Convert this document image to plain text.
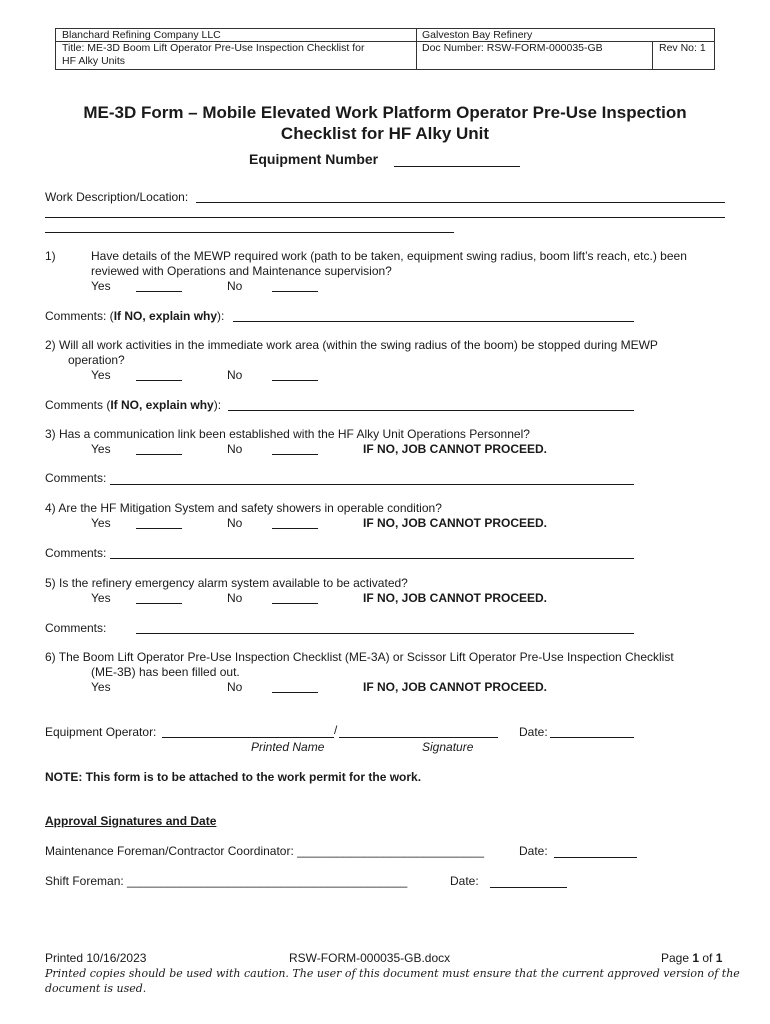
Blanchard Refining Company LLC
Title: ME-3D Boom Lift Operator Pre-Use Inspection Checklist for
HF Alky Units
Galveston Bay Refinery
Doc Number: RSW-FORM-000035-GB	Rev No: 1
ME-3D Form – Mobile Elevated Work Platform Operator Pre-Use Inspection
Checklist for HF Alky Unit
Equipment Number
Work Description/Location:
1)	Have details of the MEWP required work (path to be taken, equipment swing radius, boom lift’s reach, etc.) been
reviewed with Operations and Maintenance supervision?
Yes	No
Comments: (If NO, explain why):
2) Will all work activities in the immediate work area (within the swing radius of the boom) be stopped during MEWP
operation?
Yes	No
Comments (If NO, explain why):
3) Has a communication link been established with the HF Alky Unit Operations Personnel?
Yes	No	IF NO, JOB CANNOT PROCEED.
Comments:
4) Are the HF Mitigation System and safety showers in operable condition?
Yes	No	IF NO, JOB CANNOT PROCEED.
Comments:
5) Is the refinery emergency alarm system available to be activated?
Yes	No	IF NO, JOB CANNOT PROCEED.
Comments:
6) The Boom Lift Operator Pre-Use Inspection Checklist (ME-3A) or Scissor Lift Operator Pre-Use Inspection Checklist
(ME-3B) has been filled out.
Yes	No	IF NO, JOB CANNOT PROCEED.
Equipment Operator:	/	Date:
Printed Name	Signature
NOTE: This form is to be attached to the work permit for the work.
Approval Signatures and Date
Maintenance Foreman/Contractor Coordinator: ____________________________	Date:
Shift Foreman: __________________________________________	Date:
Printed 10/16/2023	RSW-FORM-000035-GB.docx	Page 1 of 1
Printed copies should be used with caution. The user of this document must ensure that the current approved version of the
document is used.
